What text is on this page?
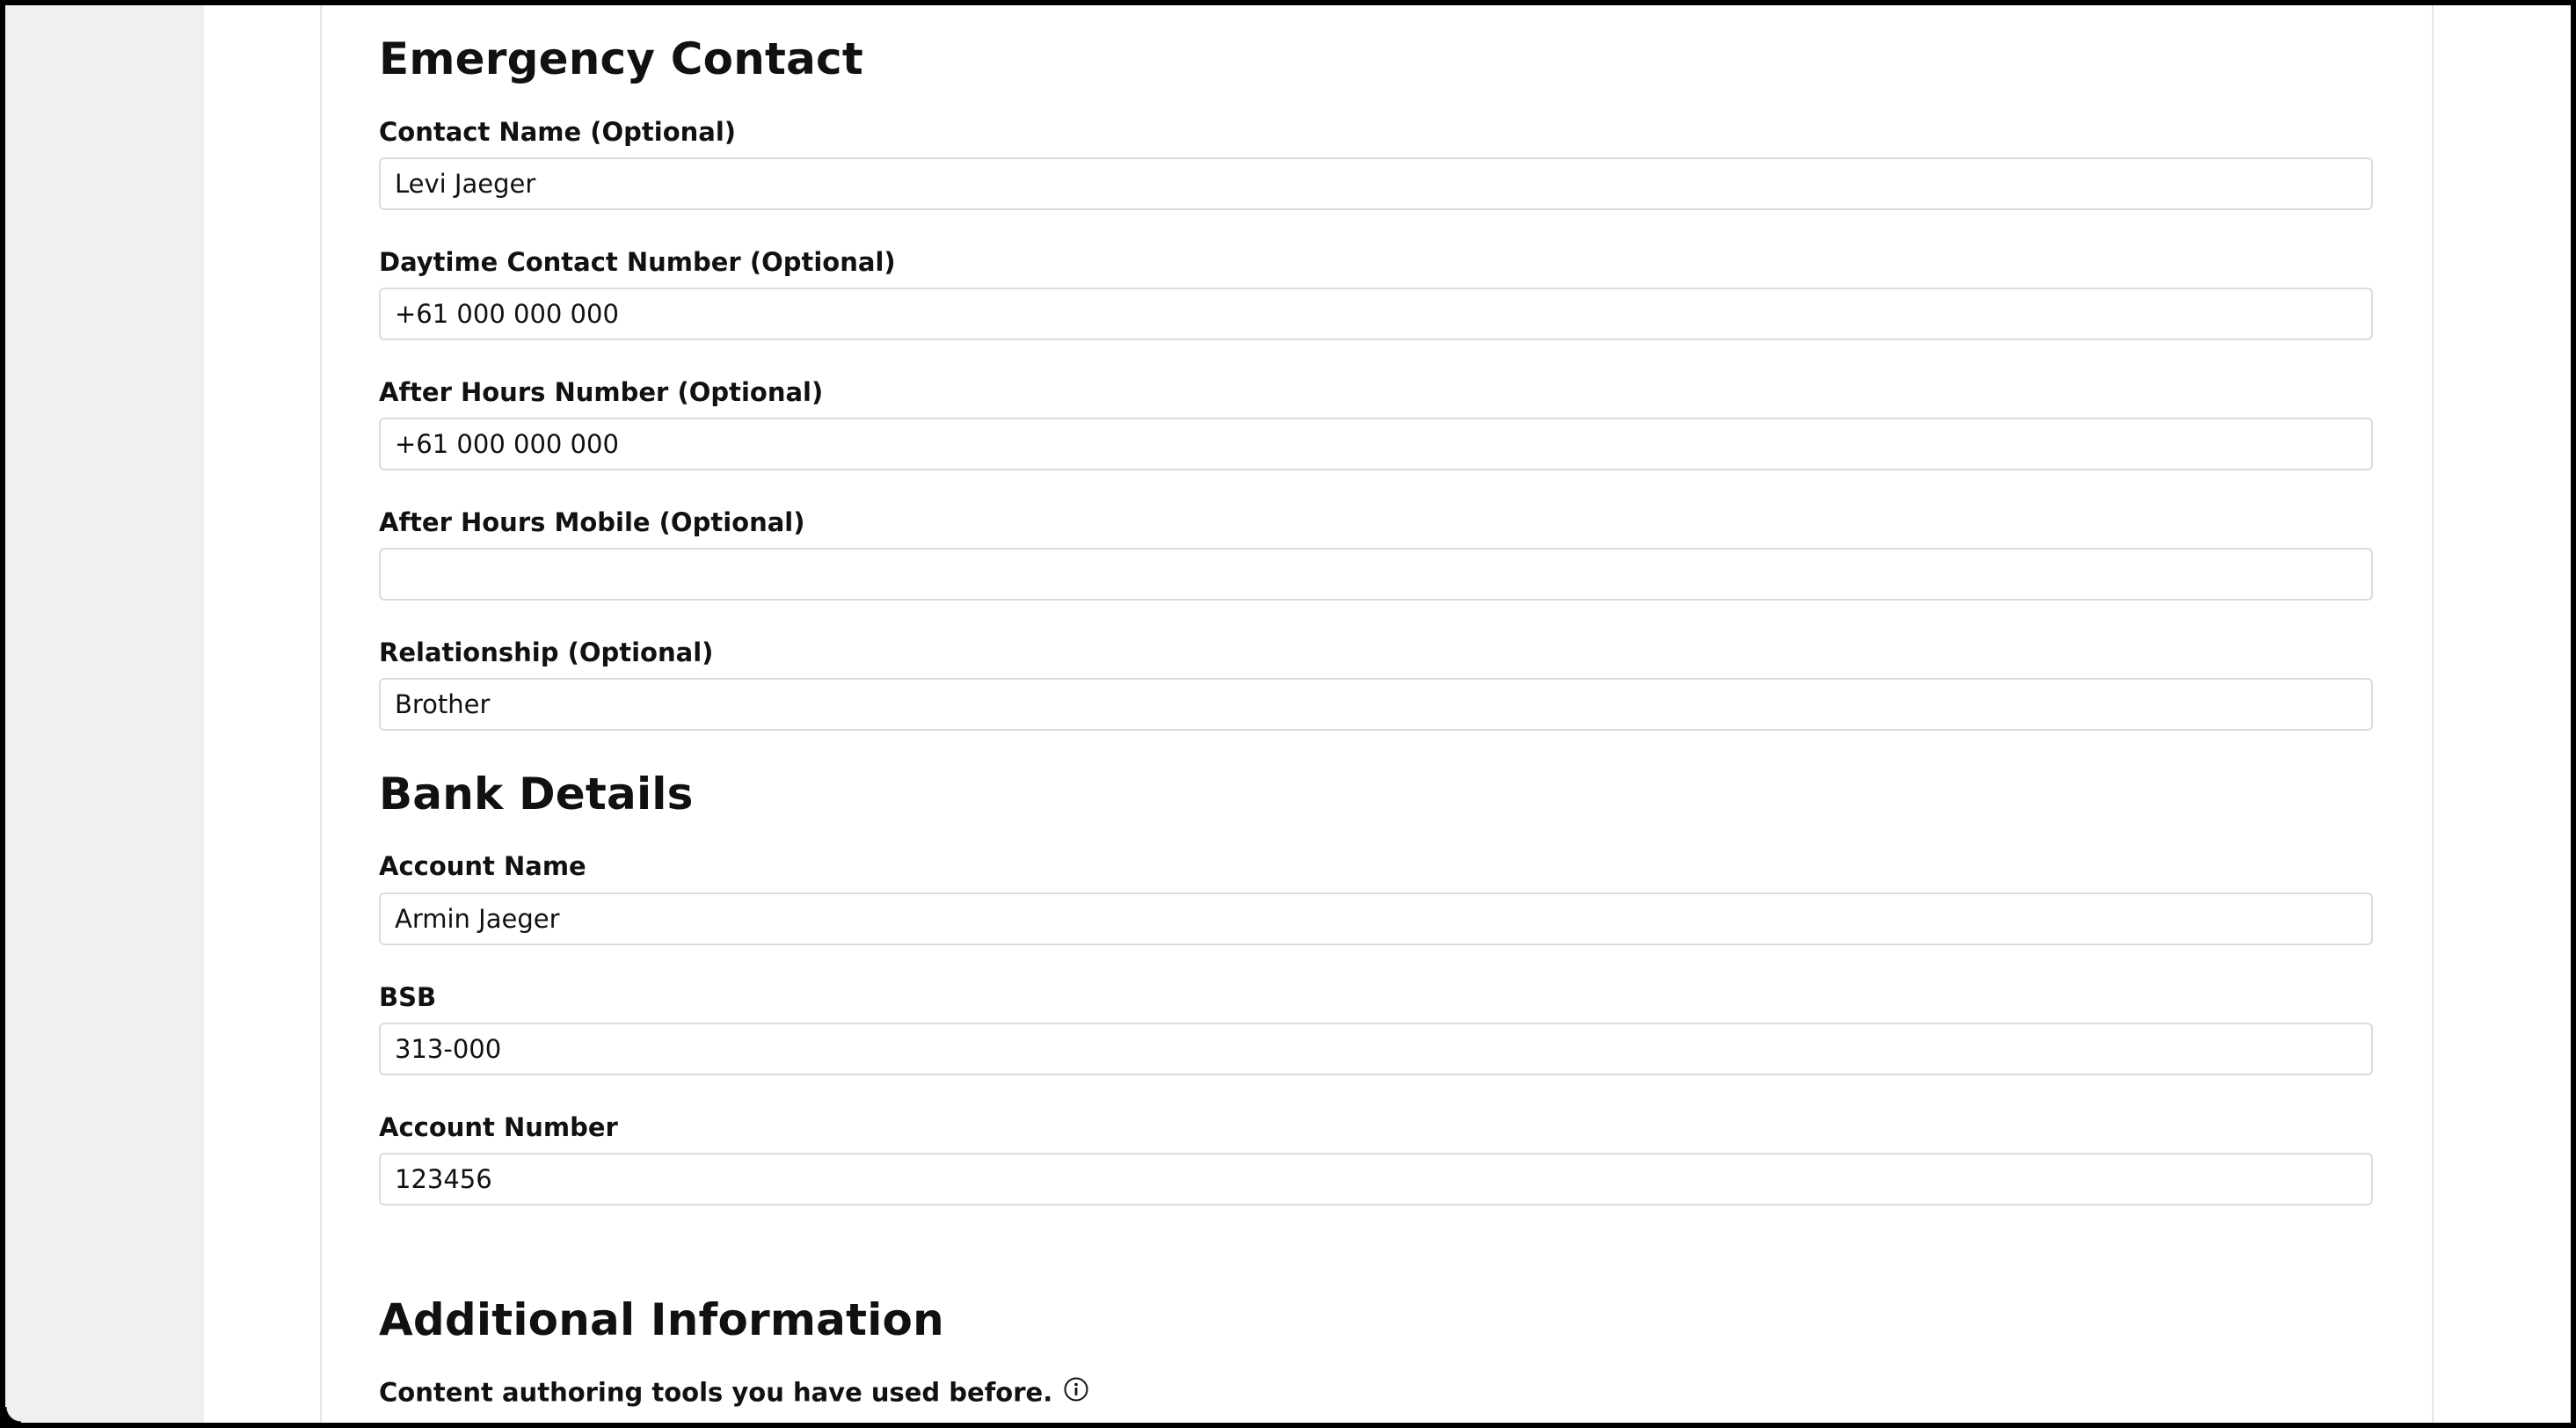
Emergency Contact
Contact Name (Optional)
Levi Jaeger
Daytime Contact Number (Optional)
+61 000 000 000
After Hours Number (Optional)
+61 000 000 000
After Hours Mobile (Optional)
Relationship (Optional)
Brother
Bank Details
Account Name
Armin Jaeger
BSB
313-000
Account Number
123456
Additional Information
Content authoring tools you have used before.
